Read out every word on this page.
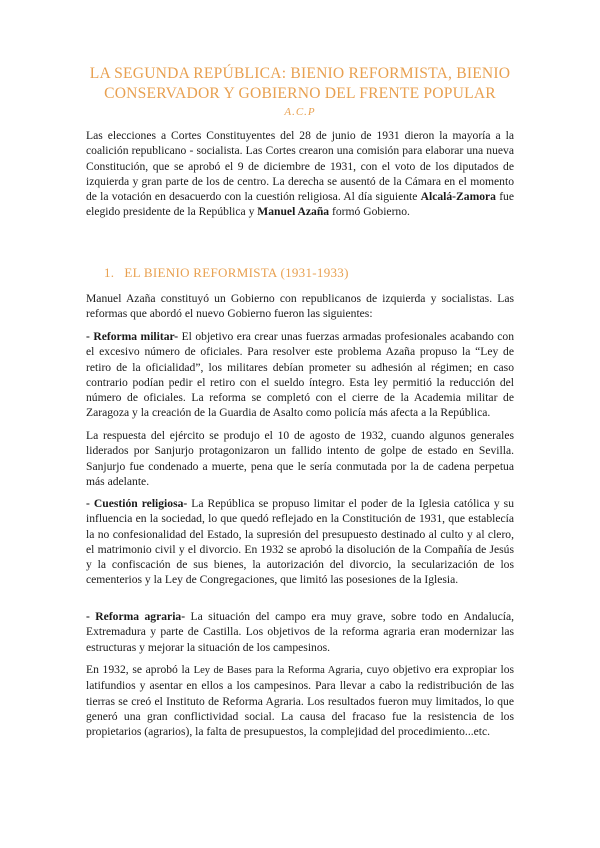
LA SEGUNDA REPÚBLICA: BIENIO REFORMISTA, BIENIO CONSERVADOR Y GOBIERNO DEL FRENTE POPULAR
A.C.P

Las elecciones a Cortes Constituyentes del 28 de junio de 1931 dieron la mayoría a la coalición republicano - socialista. Las Cortes crearon una comisión para elaborar una nueva Constitución, que se aprobó el 9 de diciembre de 1931, con el voto de los diputados de izquierda y gran parte de los de centro. La derecha se ausentó de la Cámara en el momento de la votación en desacuerdo con la cuestión religiosa. Al día siguiente Alcalá-Zamora fue elegido presidente de la República y Manuel Azaña formó Gobierno.

1. EL BIENIO REFORMISTA (1931-1933)

Manuel Azaña constituyó un Gobierno con republicanos de izquierda y socialistas. Las reformas que abordó el nuevo Gobierno fueron las siguientes:

- Reforma militar- El objetivo era crear unas fuerzas armadas profesionales acabando con el excesivo número de oficiales. Para resolver este problema Azaña propuso la “Ley de retiro de la oficialidad”, los militares debían prometer su adhesión al régimen; en caso contrario podían pedir el retiro con el sueldo íntegro. Esta ley permitió la reducción del número de oficiales. La reforma se completó con el cierre de la Academia militar de Zaragoza y la creación de la Guardia de Asalto como policía más afecta a la República.

La respuesta del ejército se produjo el 10 de agosto de 1932, cuando algunos generales liderados por Sanjurjo protagonizaron un fallido intento de golpe de estado en Sevilla. Sanjurjo fue condenado a muerte, pena que le sería conmutada por la de cadena perpetua más adelante.

- Cuestión religiosa- La República se propuso limitar el poder de la Iglesia católica y su influencia en la sociedad, lo que quedó reflejado en la Constitución de 1931, que establecía la no confesionalidad del Estado, la supresión del presupuesto destinado al culto y al clero, el matrimonio civil y el divorcio. En 1932 se aprobó la disolución de la Compañía de Jesús y la confiscación de sus bienes, la autorización del divorcio, la secularización de los cementerios y la Ley de Congregaciones, que limitó las posesiones de la Iglesia.

- Reforma agraria- La situación del campo era muy grave, sobre todo en Andalucía, Extremadura y parte de Castilla. Los objetivos de la reforma agraria eran modernizar las estructuras y mejorar la situación de los campesinos.

En 1932, se aprobó la Ley de Bases para la Reforma Agraria, cuyo objetivo era expropiar los latifundios y asentar en ellos a los campesinos. Para llevar a cabo la redistribución de las tierras se creó el Instituto de Reforma Agraria. Los resultados fueron muy limitados, lo que generó una gran conflictividad social. La causa del fracaso fue la resistencia de los propietarios (agrarios), la falta de presupuestos, la complejidad del procedimiento...etc.
